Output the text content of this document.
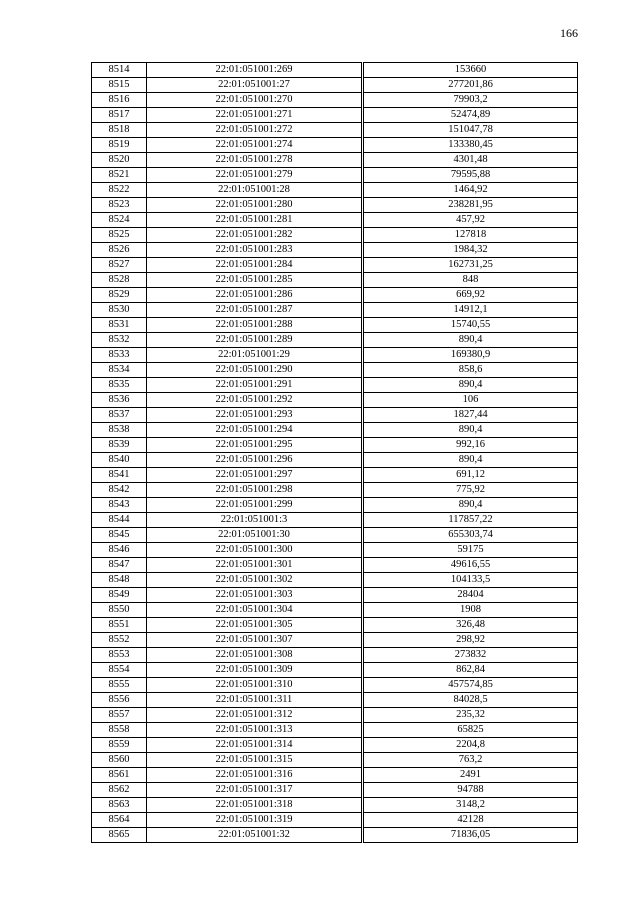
166
8514	22:01:051001:269		153660
8515	22:01:051001:27		277201,86
8516	22:01:051001:270		79903,2
8517	22:01:051001:271		52474,89
8518	22:01:051001:272		151047,78
8519	22:01:051001:274		133380,45
8520	22:01:051001:278		4301,48
8521	22:01:051001:279		79595,88
8522	22:01:051001:28		1464,92
8523	22:01:051001:280		238281,95
8524	22:01:051001:281		457,92
8525	22:01:051001:282		127818
8526	22:01:051001:283		1984,32
8527	22:01:051001:284		162731,25
8528	22:01:051001:285		848
8529	22:01:051001:286		669,92
8530	22:01:051001:287		14912,1
8531	22:01:051001:288		15740,55
8532	22:01:051001:289		890,4
8533	22:01:051001:29		169380,9
8534	22:01:051001:290		858,6
8535	22:01:051001:291		890,4
8536	22:01:051001:292		106
8537	22:01:051001:293		1827,44
8538	22:01:051001:294		890,4
8539	22:01:051001:295		992,16
8540	22:01:051001:296		890,4
8541	22:01:051001:297		691,12
8542	22:01:051001:298		775,92
8543	22:01:051001:299		890,4
8544	22:01:051001:3		117857,22
8545	22:01:051001:30		655303,74
8546	22:01:051001:300		59175
8547	22:01:051001:301		49616,55
8548	22:01:051001:302		104133,5
8549	22:01:051001:303		28404
8550	22:01:051001:304		1908
8551	22:01:051001:305		326,48
8552	22:01:051001:307		298,92
8553	22:01:051001:308		273832
8554	22:01:051001:309		862,84
8555	22:01:051001:310		457574,85
8556	22:01:051001:311		84028,5
8557	22:01:051001:312		235,32
8558	22:01:051001:313		65825
8559	22:01:051001:314		2204,8
8560	22:01:051001:315		763,2
8561	22:01:051001:316		2491
8562	22:01:051001:317		94788
8563	22:01:051001:318		3148,2
8564	22:01:051001:319		42128
8565	22:01:051001:32		71836,05
